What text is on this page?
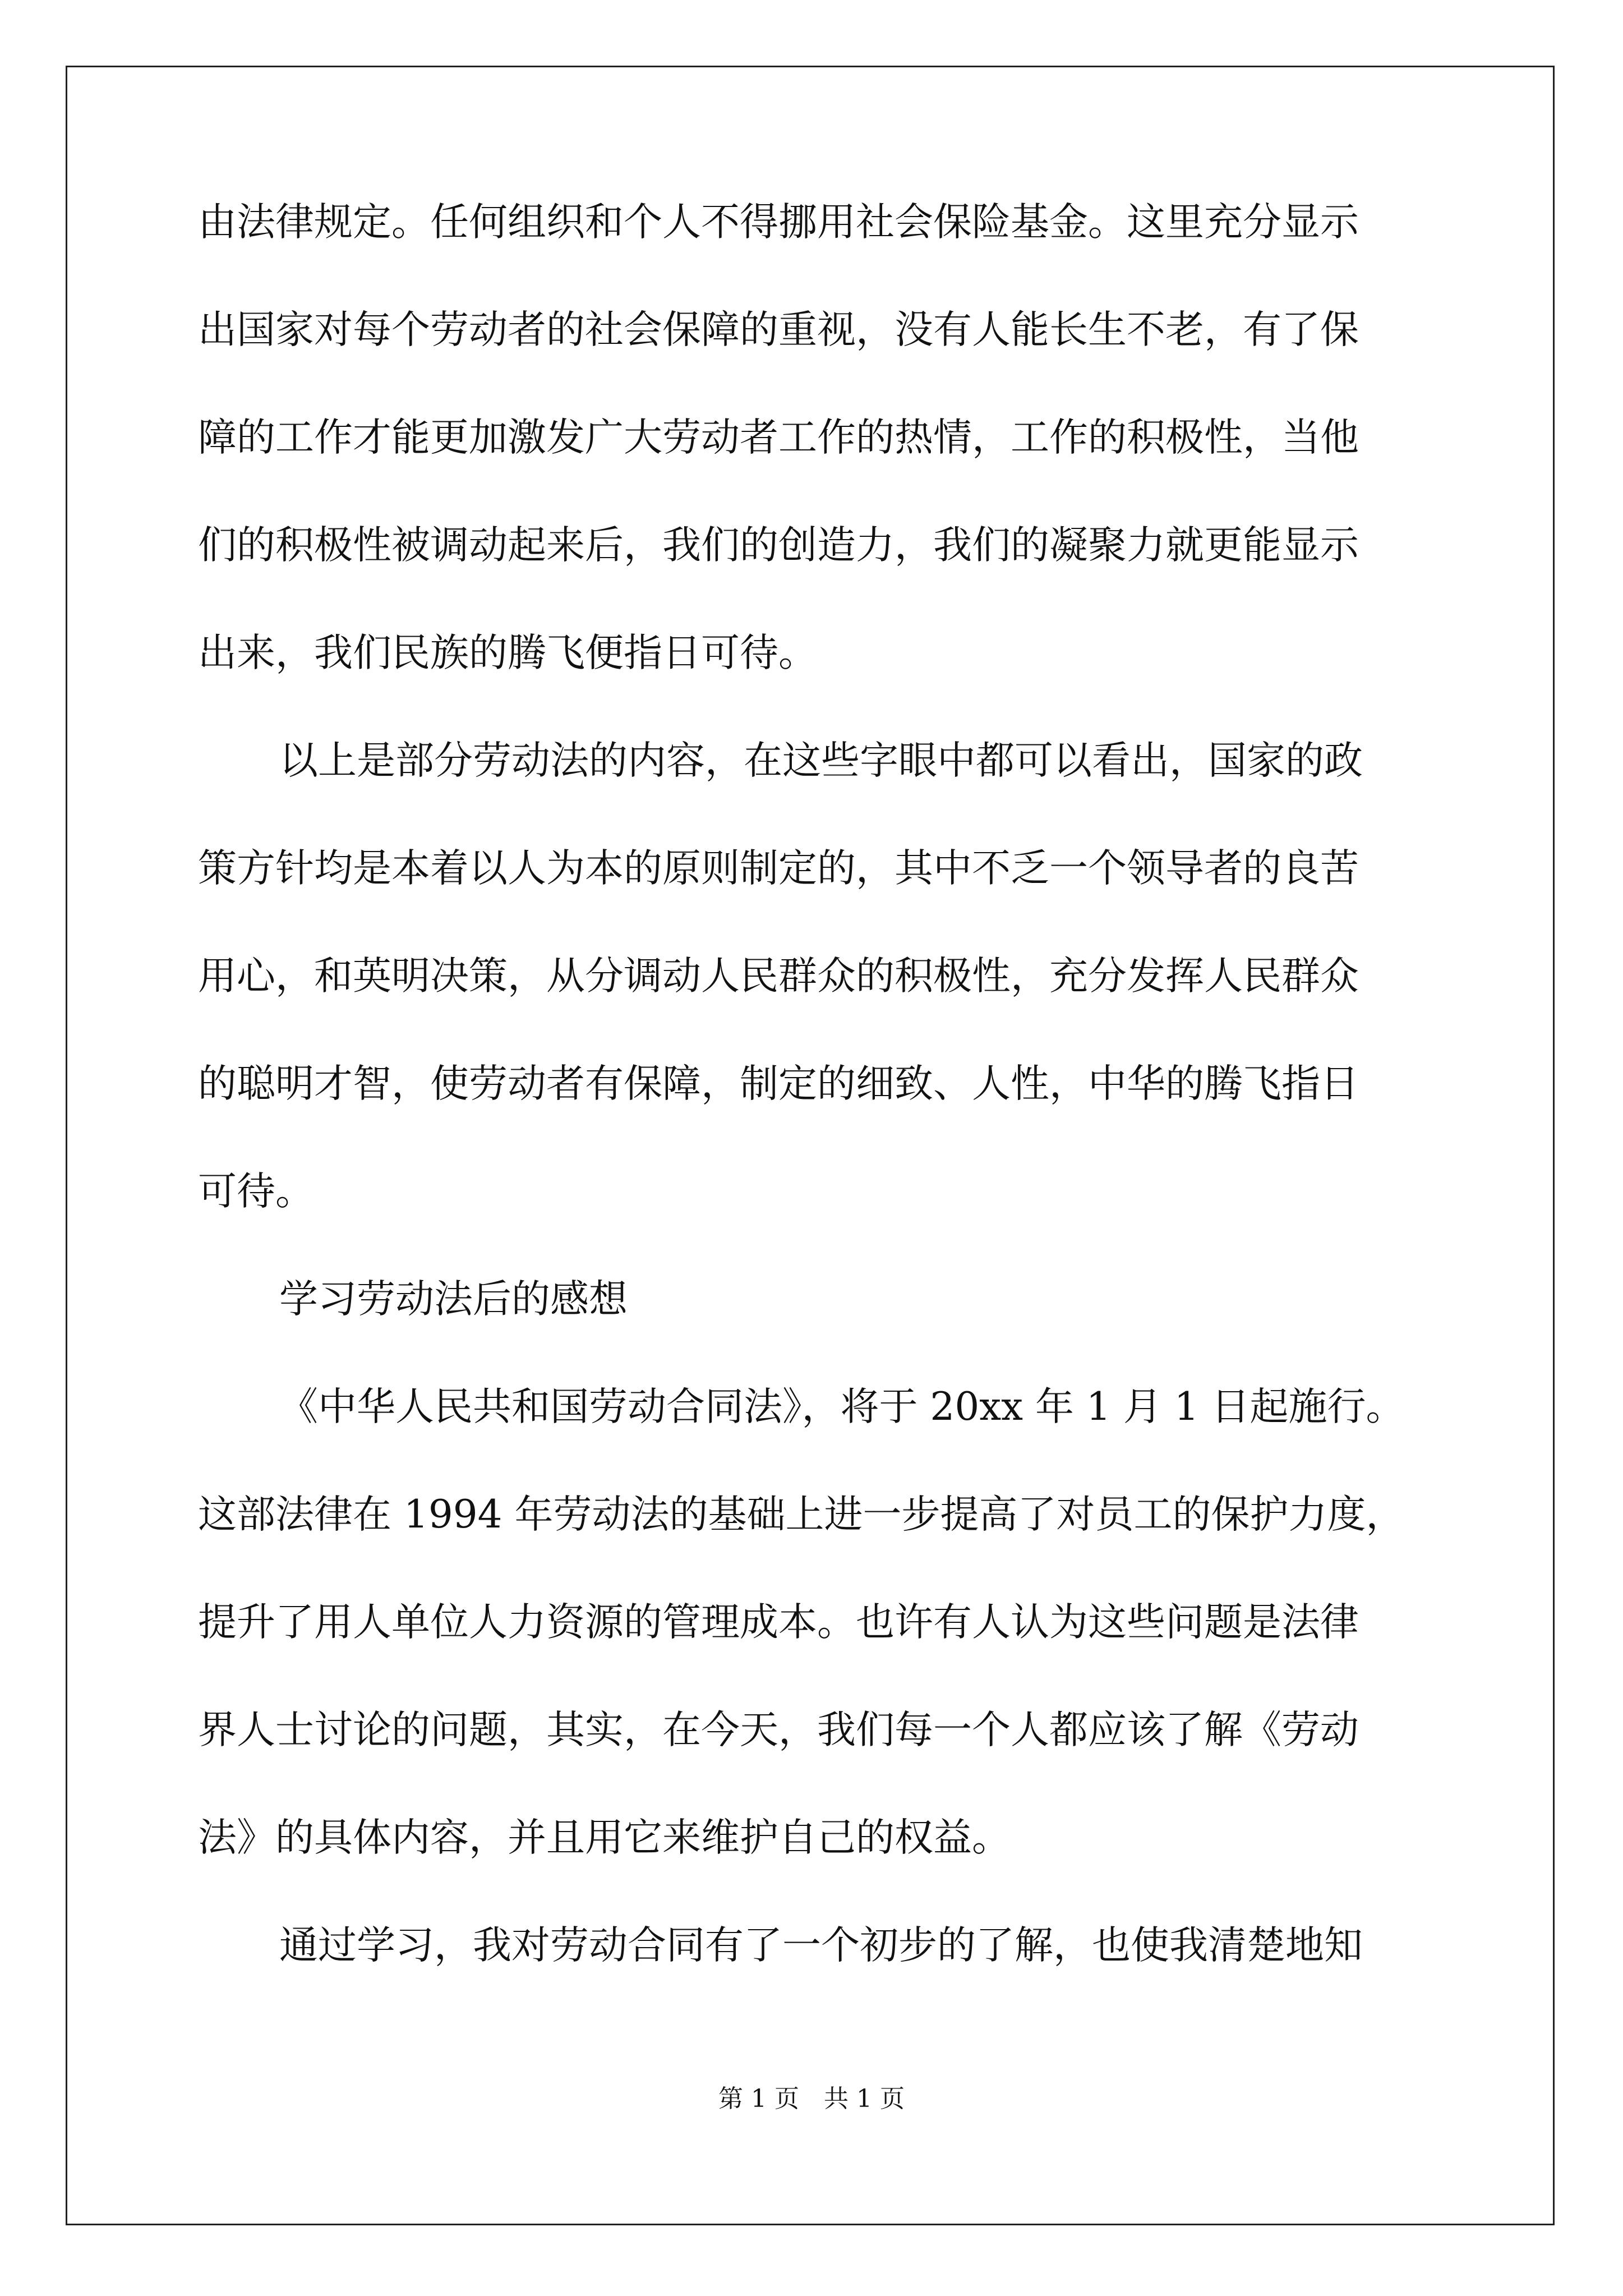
由法律规定。任何组织和个人不得挪用社会保险基金。这里充分显示

出国家对每个劳动者的社会保障的重视，没有人能长生不老，有了保

障的工作才能更加激发广大劳动者工作的热情，工作的积极性，当他

们的积极性被调动起来后，我们的创造力，我们的凝聚力就更能显示

出来，我们民族的腾飞便指日可待。

以上是部分劳动法的内容，在这些字眼中都可以看出，国家的政

策方针均是本着以人为本的原则制定的，其中不乏一个领导者的良苦

用心，和英明决策，从分调动人民群众的积极性，充分发挥人民群众

的聪明才智，使劳动者有保障，制定的细致、人性，中华的腾飞指日

可待。

学习劳动法后的感想

《中华人民共和国劳动合同法》，将于 20xx 年 1 月 1 日起施行。

这部法律在 1994 年劳动法的基础上进一步提高了对员工的保护力度，

提升了用人单位人力资源的管理成本。也许有人认为这些问题是法律

界人士讨论的问题，其实，在今天，我们每一个人都应该了解《劳动

法》的具体内容，并且用它来维护自己的权益。

通过学习，我对劳动合同有了一个初步的了解，也使我清楚地知

第 1 页　共 1 页
